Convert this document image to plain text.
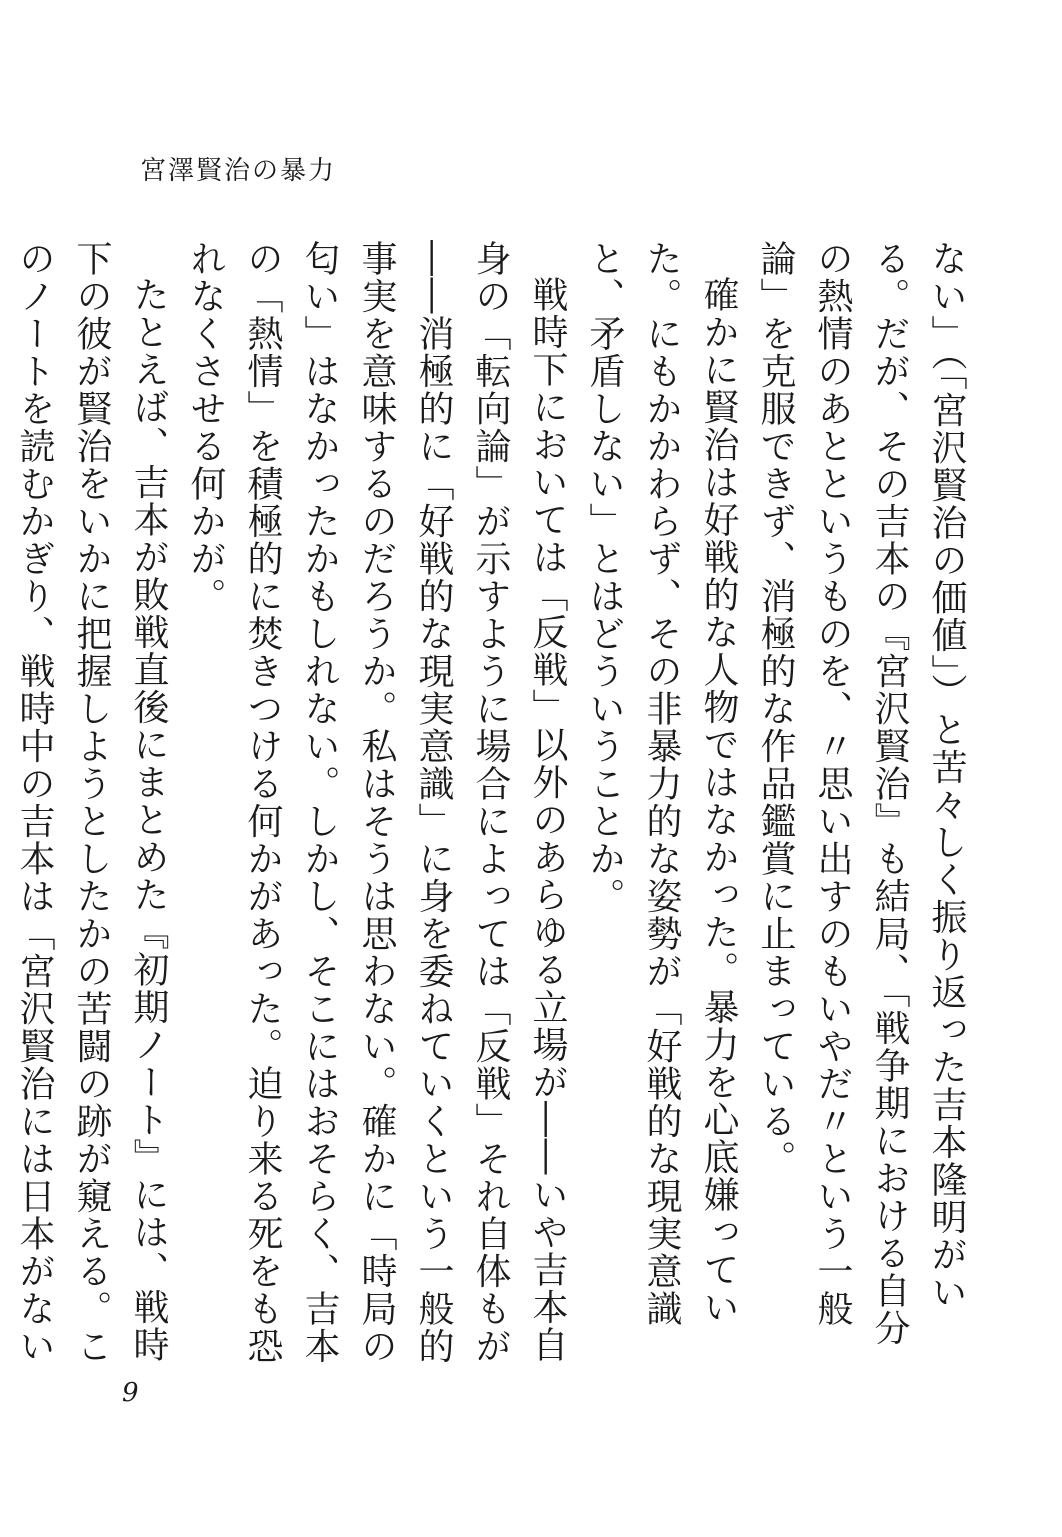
宮澤賢治の暴力

ない」（「宮沢賢治の価値」）と苦々しく振り返った吉本隆明がいる。だが、その吉本の『宮沢賢治』も結局、「戦争期における自分の熱情のあとというものを、〃思い出すのもいやだ〃という一般論」を克服できず、消極的な作品鑑賞に止まっている。

確かに賢治は好戦的な人物ではなかった。暴力を心底嫌っていた。にもかかわらず、その非暴力的な姿勢が「好戦的な現実意識と、矛盾しない」とはどういうことか。

戦時下においては「反戦」以外のあらゆる立場が――いや吉本自身の「転向論」が示すように場合によっては「反戦」それ自体もが――消極的に「好戦的な現実意識」に身を委ねていくという一般的事実を意味するのだろうか。私はそうは思わない。確かに「時局の匂い」はなかったかもしれない。しかし、そこにはおそらく、吉本の「熱情」を積極的に焚きつける何かがあった。迫り来る死をも恐れなくさせる何かが。

たとえば、吉本が敗戦直後にまとめた『初期ノート』には、戦時下の彼が賢治をいかに把握しようとしたかの苦闘の跡が窺える。このノートを読むかぎり、戦時中の吉本は「宮沢賢治には日本がない　

9
